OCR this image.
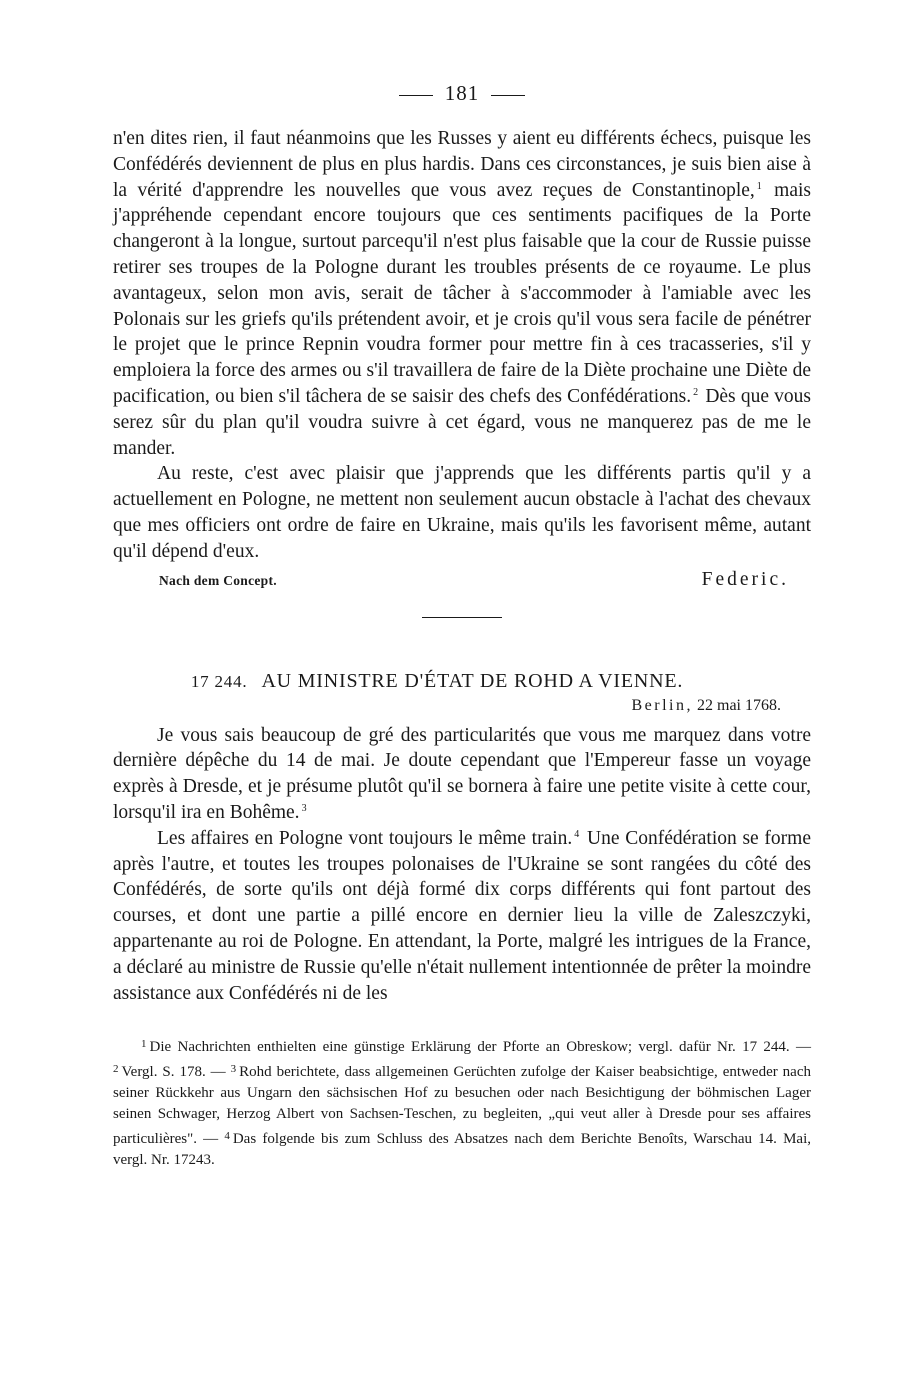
181

n'en dites rien, il faut néanmoins que les Russes y aient eu différents échecs, puisque les Confédérés deviennent de plus en plus hardis. Dans ces circonstances, je suis bien aise à la vérité d'apprendre les nouvelles que vous avez reçues de Constantinople, $^1$ mais j'appréhende cependant encore toujours que ces sentiments pacifiques de la Porte changeront à la longue, surtout parcequ'il n'est plus faisable que la cour de Russie puisse retirer ses troupes de la Pologne durant les troubles présents de ce royaume. Le plus avantageux, selon mon avis, serait de tâcher à s'accommoder à l'amiable avec les Polonais sur les griefs qu'ils prétendent avoir, et je crois qu'il vous sera facile de pénétrer le projet que le prince Repnin voudra former pour mettre fin à ces tracasseries, s'il y emploiera la force des armes ou s'il travaillera de faire de la Diète prochaine une Diète de pacification, ou bien s'il tâchera de se saisir des chefs des Confédérations. $^2$ Dès que vous serez sûr du plan qu'il voudra suivre à cet égard, vous ne manquerez pas de me le mander.

Au reste, c'est avec plaisir que j'apprends que les différents partis qu'il y a actuellement en Pologne, ne mettent non seulement aucun obstacle à l'achat des chevaux que mes officiers ont ordre de faire en Ukraine, mais qu'ils les favorisent même, autant qu'il dépend d'eux.

Nach dem Concept.	Federic.
17 244. AU MINISTRE D'ÉTAT DE ROHD A VIENNE.
Berlin, 22 mai 1768.

Je vous sais beaucoup de gré des particularités que vous me marquez dans votre dernière dépêche du 14 de mai. Je doute cependant que l'Empereur fasse un voyage exprès à Dresde, et je présume plutôt qu'il se bornera à faire une petite visite à cette cour, lorsqu'il ira en Bohême. $^3$

Les affaires en Pologne vont toujours le même train. $^4$ Une Confédération se forme après l'autre, et toutes les troupes polonaises de l'Ukraine se sont rangées du côté des Confédérés, de sorte qu'ils ont déjà formé dix corps différents qui font partout des courses, et dont une partie a pillé encore en dernier lieu la ville de Zaleszczyki, appartenante au roi de Pologne. En attendant, la Porte, malgré les intrigues de la France, a déclaré au ministre de Russie qu'elle n'était nullement intentionnée de prêter la moindre assistance aux Confédérés ni de les

$^1$ Die Nachrichten enthielten eine günstige Erklärung der Pforte an Obreskow; vergl. dafür Nr. 17 244. — $^2$ Vergl. S. 178. — $^3$ Rohd berichtete, dass allgemeinen Gerüchten zufolge der Kaiser beabsichtige, entweder nach seiner Rückkehr aus Ungarn den sächsischen Hof zu besuchen oder nach Besichtigung der böhmischen Lager seinen Schwager, Herzog Albert von Sachsen-Teschen, zu begleiten, „qui veut aller à Dresde pour ses affaires particulières". — $^4$ Das folgende bis zum Schluss des Absatzes nach dem Berichte Benoîts, Warschau 14. Mai, vergl. Nr. 17243.
